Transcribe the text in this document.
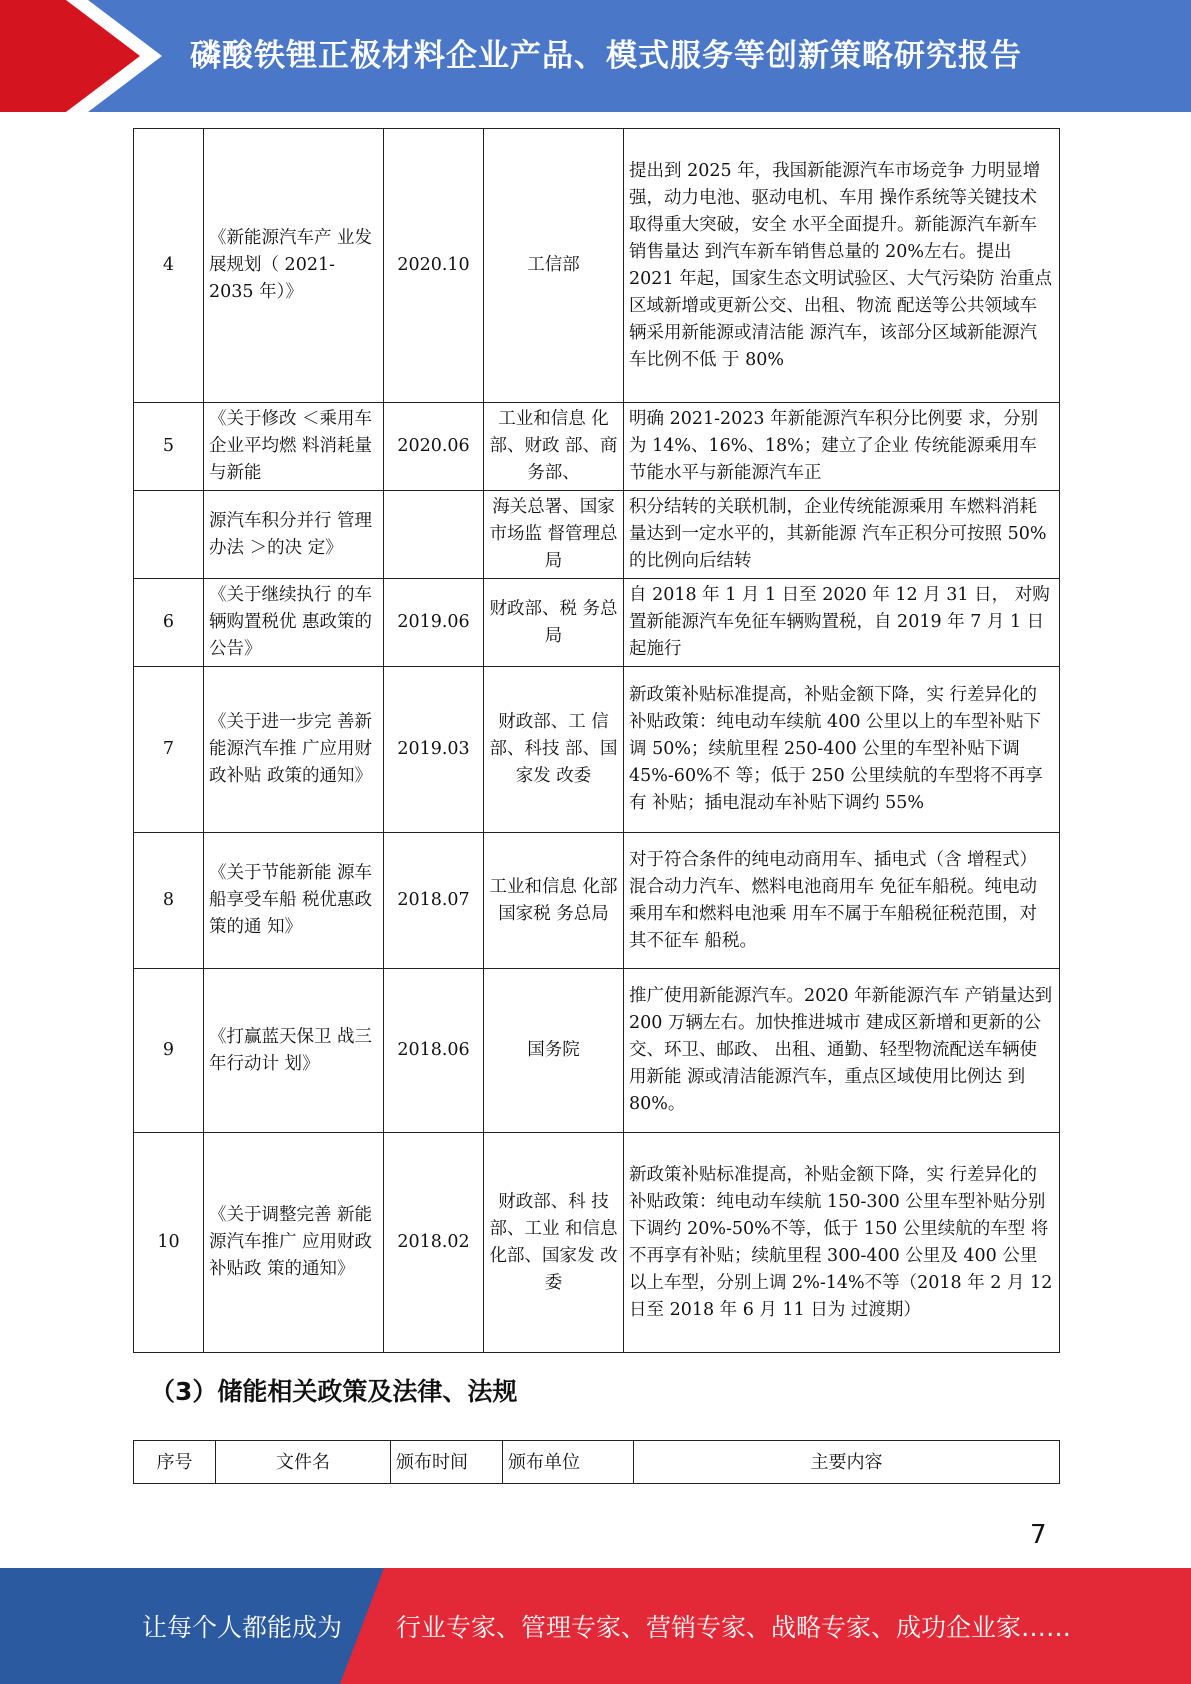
磷酸铁锂正极材料企业产品、模式服务等创新策略研究报告
4	《新能源汽车产 业发展规划（ 2021-2035 年）》	2020.10	工信部	提出到 2025 年，我国新能源汽车市场竞争 力明显增强，动力电池、驱动电机、车用 操作系统等关键技术取得重大突破，安全 水平全面提升。新能源汽车新车销售量达 到汽车新车销售总量的 20%左右。提出 2021 年起，国家生态文明试验区、大气污染防 治重点区域新增或更新公交、出租、物流 配送等公共领域车辆采用新能源或清洁能 源汽车，该部分区域新能源汽车比例不低 于 80%
5	《关于修改 ＜乘用车企业平均燃 料消耗量与新能	2020.06	工业和信息 化部、财政 部、商务部、	明确 2021-2023 年新能源汽车积分比例要 求，分别为 14%、16%、18%；建立了企业 传统能源乘用车节能水平与新能源汽车正
	源汽车积分并行 管理办法 ＞的决 定》		海关总署、国家市场监 督管理总局	积分结转的关联机制，企业传统能源乘用 车燃料消耗量达到一定水平的，其新能源 汽车正积分可按照 50%的比例向后结转
6	《关于继续执行 的车辆购置税优 惠政策的公告》	2019.06	财政部、税 务总局	自 2018 年 1 月 1 日至 2020 年 12 月 31 日， 对购置新能源汽车免征车辆购置税，自 2019 年 7 月 1 日起施行
7	《关于进一步完 善新能源汽车推 广应用财政补贴 政策的通知》	2019.03	财政部、工 信部、科技 部、国家发 改委	新政策补贴标准提高，补贴金额下降，实 行差异化的补贴政策：纯电动车续航 400 公里以上的车型补贴下调 50%；续航里程 250-400 公里的车型补贴下调 45%-60%不 等；低于 250 公里续航的车型将不再享有 补贴；插电混动车补贴下调约 55%
8	《关于节能新能 源车船享受车船 税优惠政策的通 知》	2018.07	工业和信息 化部国家税 务总局	对于符合条件的纯电动商用车、插电式（含 增程式）混合动力汽车、燃料电池商用车 免征车船税。纯电动乘用车和燃料电池乘 用车不属于车船税征税范围，对其不征车 船税。
9	《打赢蓝天保卫 战三年行动计 划》	2018.06	国务院	推广使用新能源汽车。2020 年新能源汽车 产销量达到 200 万辆左右。加快推进城市 建成区新增和更新的公交、环卫、邮政、 出租、通勤、轻型物流配送车辆使用新能 源或清洁能源汽车，重点区域使用比例达 到 80%。
10	《关于调整完善 新能源汽车推广 应用财政补贴政 策的通知》	2018.02	财政部、科 技部、工业 和信息化部、国家发 改委	新政策补贴标准提高，补贴金额下降，实 行差异化的补贴政策：纯电动车续航 150-300 公里车型补贴分别下调约 20%-50%不等，低于 150 公里续航的车型 将不再享有补贴；续航里程 300-400 公里及 400 公里以上车型，分别上调 2%-14%不等（2018 年 2 月 12 日至 2018 年 6 月 11 日为 过渡期）
（3）储能相关政策及法律、法规
序号	文件名	颁布时间	颁布单位	主要内容
7
让每个人都能成为 行业专家、管理专家、营销专家、战略专家、成功企业家……
